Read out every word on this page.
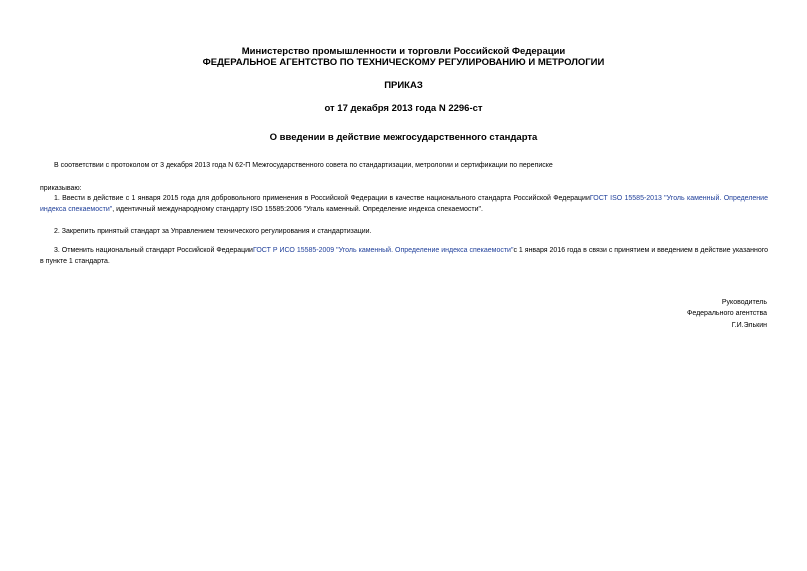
Министерство промышленности и торговли Российской Федерации
ФЕДЕРАЛЬНОЕ АГЕНТСТВО ПО ТЕХНИЧЕСКОМУ РЕГУЛИРОВАНИЮ И МЕТРОЛОГИИ
ПРИКАЗ
от 17 декабря 2013 года N 2296-ст
О введении в действие межгосударственного стандарта
В соответствии с протоколом от 3 декабря 2013 года N 62-П Межгосударственного совета по стандартизации, метрологии и сертификации по переписке
приказываю:
1. Ввести в действие с 1 января 2015 года для добровольного применения в Российской Федерации в качестве национального стандарта Российской ФедерацииГОСТ ISO 15585-2013 "Уголь каменный. Определение индекса спекаемости", идентичный международному стандарту ISO 15585:2006 "Угаль каменный. Определение индекса спекаемости".
2. Закрепить принятый стандарт за Управлением технического регулирования и стандартизации.
3. Отменить национальный стандарт Российской ФедерацииГОСТ Р ИСО 15585-2009 "Уголь каменный. Определение индекса спекаемости"с 1 января 2016 года в связи с принятием и введением в действие указанного в пункте 1 стандарта.
Руководитель
Федерального агентства
Г.И.Элькин
